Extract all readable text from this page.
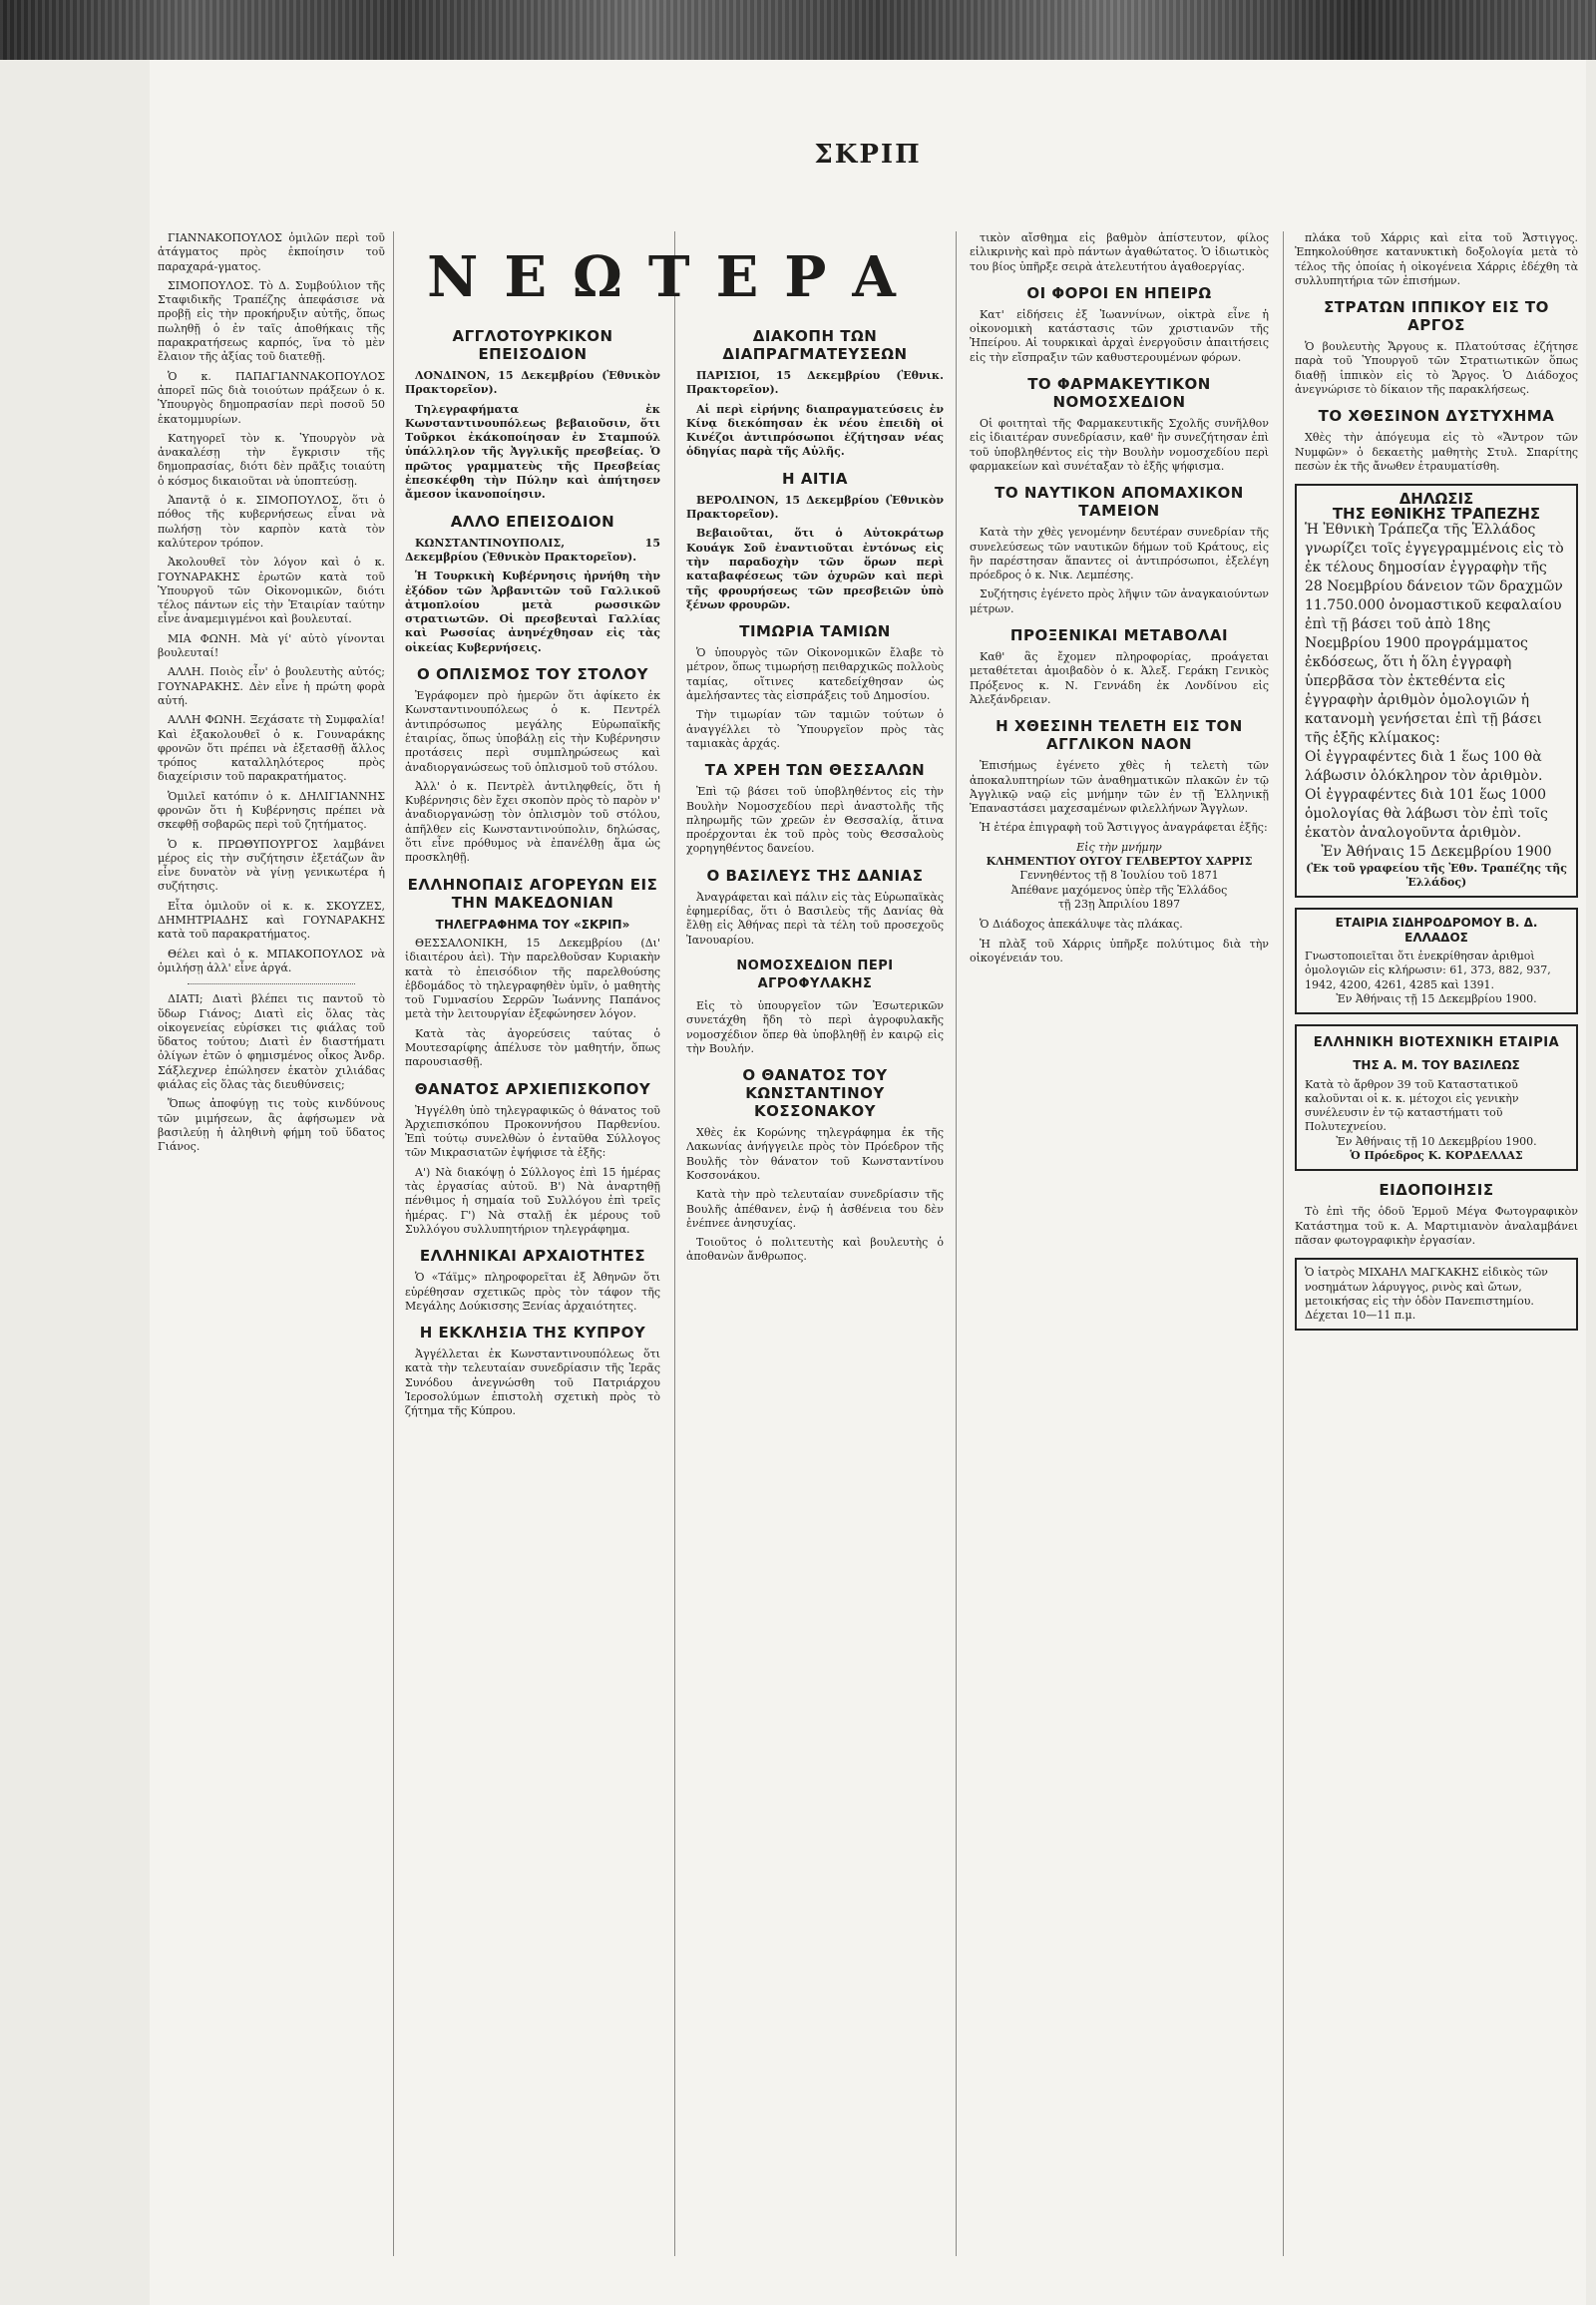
ΣΚΡΙΠ

ΓΙΑΝΝΑΚΟΠΟΥΛΟΣ ὁμιλῶν περὶ τοῦ ἀτάγματος πρὸς ἐκποίησιν τοῦ παραχαρά-γματος.

ΣΙΜΟΠΟΥΛΟΣ. Τὸ Δ. Συμβούλιον τῆς Σταφιδικῆς Τραπέζης ἀπεφάσισε νὰ προβῇ εἰς τὴν προκήρυξιν αὐτῆς, ὅπως πωληθῇ ὁ ἐν ταῖς ἀποθήκαις τῆς παρακρατήσεως καρπός, ἵνα τὸ μὲν ἔλαιον τῆς ἀξίας τοῦ διατεθῇ.

Ὁ κ. ΠΑΠΑΓΙΑΝΝΑΚΟΠΟΥΛΟΣ ἀπορεῖ πῶς διὰ τοιούτων πράξεων ὁ κ. Ὑπουργὸς δημοπρασίαν περὶ ποσοῦ 50 ἑκατομμυρίων.

Κατηγορεῖ τὸν κ. Ὑπουργὸν νὰ ἀνακαλέσῃ τὴν ἔγκρισιν τῆς δημοπρασίας, διότι δὲν πρᾶξις τοιαύτη ὁ κόσμος δικαιοῦται νὰ ὑποπτεύσῃ.

Ἀπαντᾷ ὁ κ. ΣΙΜΟΠΟΥΛΟΣ, ὅτι ὁ πόθος τῆς κυβερνήσεως εἶναι νὰ πωλήσῃ τὸν καρπὸν κατὰ τὸν καλύτερον τρόπον.

Ἀκολουθεῖ τὸν λόγον καὶ ὁ κ. ΓΟΥΝΑΡΑΚΗΣ ἐρωτῶν κατὰ τοῦ Ὑπουργοῦ τῶν Οἰκονομικῶν, διότι τέλος πάντων εἰς τὴν Ἑταιρίαν ταύτην εἶνε ἀναμεμιγμένοι καὶ βουλευταί.

ΜΙΑ ΦΩΝΗ. Μὰ γί' αὐτὸ γίνονται βουλευταί!

ΑΛΛΗ. Ποιὸς εἶν' ὁ βουλευτὴς αὐτός; ΓΟΥΝΑΡΑΚΗΣ. Δὲν εἶνε ἡ πρώτη φορὰ αὐτή.

ΑΛΛΗ ΦΩΝΗ. Ξεχάσατε τὴ Συμφαλία! Καὶ ἐξακολουθεῖ ὁ κ. Γουναράκης φρονῶν ὅτι πρέπει νὰ ἐξετασθῇ ἄλλος τρόπος καταλληλότερος πρὸς διαχείρισιν τοῦ παρακρατήματος.

Ὁμιλεῖ κατόπιν ὁ κ. ΔΗΛΙΓΙΑΝΝΗΣ φρονῶν ὅτι ἡ Κυβέρνησις πρέπει νὰ σκεφθῇ σοβαρῶς περὶ τοῦ ζητήματος.

Ὁ κ. ΠΡΩΘΥΠΟΥΡΓΟΣ λαμβάνει μέρος εἰς τὴν συζήτησιν ἐξετάζων ἂν εἶνε δυνατὸν νὰ γίνῃ γενικωτέρα ἡ συζήτησις.

Εἶτα ὁμιλοῦν οἱ κ. κ. ΣΚΟΥΖΕΣ, ΔΗΜΗΤΡΙΑΔΗΣ καὶ ΓΟΥΝΑΡΑΚΗΣ κατὰ τοῦ παρακρατήματος.

Θέλει καὶ ὁ κ. ΜΠΑΚΟΠΟΥΛΟΣ νὰ ὁμιλήσῃ ἀλλ' εἶνε ἀργά.

ΔΙΑΤΙ; Διατὶ βλέπει τις παντοῦ τὸ ὕδωρ Γιάνος; Διατὶ εἰς ὅλας τὰς οἰκογενείας εὑρίσκει τις φιάλας τοῦ ὕδατος τούτου; Διατὶ ἐν διαστήματι ὀλίγων ἐτῶν ὁ φημισμένος οἶκος Ἀνδρ. Σάξλεχνερ ἐπώλησεν ἑκατὸν χιλιάδας φιάλας εἰς ὅλας τὰς διευθύνσεις;

Ὅπως ἀποφύγῃ τις τοὺς κινδύνους τῶν μιμήσεων, ἂς ἀφήσωμεν νὰ βασιλεύῃ ἡ ἀληθινὴ φήμη τοῦ ὕδατος Γιάνος.

ΝΕΩΤΕΡΑ
ΑΓΓΛΟΤΟΥΡΚΙΚΟΝ ΕΠΕΙΣΟΔΙΟΝ

ΛΟΝΔΙΝΟΝ, 15 Δεκεμβρίου (Ἐθνικὸν Πρακτορεῖον).

Τηλεγραφήματα ἐκ Κωνσταντινουπόλεως βεβαιοῦσιν, ὅτι Τοῦρκοι ἐκάκοποίησαν ἐν Σταμπούλ ὑπάλληλον τῆς Ἀγγλικῆς πρεσβείας. Ὁ πρῶτος γραμματεὺς τῆς Πρεσβείας ἐπεσκέφθη τὴν Πύλην καὶ ἀπήτησεν ἄμεσον ἱκανοποίησιν.

ΑΛΛΟ ΕΠΕΙΣΟΔΙΟΝ

ΚΩΝΣΤΑΝΤΙΝΟΥΠΟΛΙΣ, 15 Δεκεμβρίου (Ἐθνικὸν Πρακτορεῖον).

Ἡ Τουρκικὴ Κυβέρνησις ἠρνήθη τὴν ἐξόδον τῶν Ἀρβανιτῶν τοῦ Γαλλικοῦ ἀτμοπλοίου μετὰ ρωσσικῶν στρατιωτῶν. Οἱ πρεσβευταὶ Γαλλίας καὶ Ρωσσίας ἀνηνέχθησαν εἰς τὰς οἰκείας Κυβερνήσεις.

Ο ΟΠΛΙΣΜΟΣ ΤΟΥ ΣΤΟΛΟΥ

Ἐγράφομεν πρὸ ἡμερῶν ὅτι ἀφίκετο ἐκ Κωνσταντινουπόλεως ὁ κ. Πεντρέλ ἀντιπρόσωπος μεγάλης Εὐρωπαϊκῆς ἑταιρίας, ὅπως ὑποβάλῃ εἰς τὴν Κυβέρνησιν προτάσεις περὶ συμπληρώσεως καὶ ἀναδιοργανώσεως τοῦ ὁπλισμοῦ τοῦ στόλου.

Ἀλλ' ὁ κ. Πεντρὲλ ἀντιληφθείς, ὅτι ἡ Κυβέρνησις δὲν ἔχει σκοπὸν πρὸς τὸ παρὸν ν' ἀναδιοργανώσῃ τὸν ὁπλισμὸν τοῦ στόλου, ἀπῆλθεν εἰς Κωνσταντινούπολιν, δηλώσας, ὅτι εἶνε πρόθυμος νὰ ἐπανέλθῃ ἅμα ὡς προσκληθῇ.

ΕΛΛΗΝΟΠΑΙΣ ΑΓΟΡΕΥΩΝ ΕΙΣ ΤΗΝ ΜΑΚΕΔΟΝΙΑΝ
ΤΗΛΕΓΡΑΦΗΜΑ ΤΟΥ «ΣΚΡΙΠ»

ΘΕΣΣΑΛΟΝΙΚΗ, 15 Δεκεμβρίου (Δι' ἰδιαιτέρου ἀεὶ). Τὴν παρελθοῦσαν Κυριακὴν κατὰ τὸ ἐπεισόδιον τῆς παρελθούσης ἑβδομάδος τὸ τηλεγραφηθὲν ὑμῖν, ὁ μαθητὴς τοῦ Γυμνασίου Σερρῶν Ἰωάννης Παπάνος μετὰ τὴν λειτουργίαν ἐξεφώνησεν λόγον.

Κατὰ τὰς ἀγορεύσεις ταύτας ὁ Μουτεσαρίφης ἀπέλυσε τὸν μαθητήν, ὅπως παρουσιασθῇ.

ΘΑΝΑΤΟΣ ΑΡΧΙΕΠΙΣΚΟΠΟΥ

Ἠγγέλθη ὑπὸ τηλεγραφικῶς ὁ θάνατος τοῦ Ἀρχιεπισκόπου Προκοννήσου Παρθενίου. Ἐπὶ τούτῳ συνελθὼν ὁ ἐνταῦθα Σύλλογος τῶν Μικρασιατῶν ἐψήφισε τὰ ἑξῆς:

Α') Νὰ διακόψῃ ὁ Σύλλογος ἐπὶ 15 ἡμέρας τὰς ἐργασίας αὐτοῦ. Β') Νὰ ἀναρτηθῇ πένθιμος ἡ σημαία τοῦ Συλλόγου ἐπὶ τρεῖς ἡμέρας. Γ') Νὰ σταλῇ ἐκ μέρους τοῦ Συλλόγου συλλυπητήριον τηλεγράφημα.

ΕΛΛΗΝΙΚΑΙ ΑΡΧΑΙΟΤΗΤΕΣ

Ὁ «Τάϊμς» πληροφορεῖται ἐξ Ἀθηνῶν ὅτι εὑρέθησαν σχετικῶς πρὸς τὸν τάφον τῆς Μεγάλης Δούκισσης Ξενίας ἀρχαιότητες.

Η ΕΚΚΛΗΣΙΑ ΤΗΣ ΚΥΠΡΟΥ

Ἀγγέλλεται ἐκ Κωνσταντινουπόλεως ὅτι κατὰ τὴν τελευταίαν συνεδρίασιν τῆς Ἱερᾶς Συνόδου ἀνεγνώσθη τοῦ Πατριάρχου Ἱεροσολύμων ἐπιστολὴ σχετικὴ πρὸς τὸ ζήτημα τῆς Κύπρου.

ΔΙΑΚΟΠΗ ΤΩΝ ΔΙΑΠΡΑΓΜΑΤΕΥΣΕΩΝ

ΠΑΡΙΣΙΟΙ, 15 Δεκεμβρίου (Ἐθνικ. Πρακτορεῖον).

Αἱ περὶ εἰρήνης διαπραγματεύσεις ἐν Κίνᾳ διεκόπησαν ἐκ νέου ἐπειδὴ οἱ Κινέζοι ἀντιπρόσωποι ἐζήτησαν νέας ὁδηγίας παρὰ τῆς Αὐλῆς.

Η ΑΙΤΙΑ

ΒΕΡΟΛΙΝΟΝ, 15 Δεκεμβρίου (Ἐθνικὸν Πρακτορεῖον).

Βεβαιοῦται, ὅτι ὁ Αὐτοκράτωρ Κουάγκ Σοῦ ἐναντιοῦται ἐντόνως εἰς τὴν παραδοχὴν τῶν ὅρων περὶ καταβαφέσεως τῶν ὁχυρῶν καὶ περὶ τῆς φρουρήσεως τῶν πρεσβειῶν ὑπὸ ξένων φρουρῶν.

ΤΙΜΩΡΙΑ ΤΑΜΙΩΝ

Ὁ ὑπουργὸς τῶν Οἰκονομικῶν ἔλαβε τὸ μέτρον, ὅπως τιμωρήσῃ πειθαρχικῶς πολλοὺς ταμίας, οἵτινες κατεδείχθησαν ὡς ἀμελήσαντες τὰς εἰσπράξεις τοῦ Δημοσίου.

Τὴν τιμωρίαν τῶν ταμιῶν τούτων ὁ ἀναγγέλλει τὸ Ὑπουργεῖον πρὸς τὰς ταμιακὰς ἀρχάς.

ΤΑ ΧΡΕΗ ΤΩΝ ΘΕΣΣΑΛΩΝ

Ἐπὶ τῷ βάσει τοῦ ὑποβληθέντος εἰς τὴν Βουλὴν Νομοσχεδίου περὶ ἀναστολῆς τῆς πληρωμῆς τῶν χρεῶν ἐν Θεσσαλίᾳ, ἅτινα προέρχονται ἐκ τοῦ πρὸς τοὺς Θεσσαλοὺς χορηγηθέντος δανείου.

Ο ΒΑΣΙΛΕΥΣ ΤΗΣ ΔΑΝΙΑΣ

Ἀναγράφεται καὶ πάλιν εἰς τὰς Εὐρωπαϊκὰς ἐφημερίδας, ὅτι ὁ Βασιλεὺς τῆς Δανίας θὰ ἔλθῃ εἰς Ἀθήνας περὶ τὰ τέλη τοῦ προσεχοῦς Ἰανουαρίου.

ΝΟΜΟΣΧΕΔΙΟΝ ΠΕΡΙ ΑΓΡΟΦΥΛΑΚΗΣ

Εἰς τὸ ὑπουργεῖον τῶν Ἐσωτερικῶν συνετάχθη ἤδη τὸ περὶ ἀγροφυλακῆς νομοσχέδιον ὅπερ θὰ ὑποβληθῇ ἐν καιρῷ εἰς τὴν Βουλήν.

Ο ΘΑΝΑΤΟΣ ΤΟΥ ΚΩΝΣΤΑΝΤΙΝΟΥ ΚΟΣΣΟΝΑΚΟΥ

Χθὲς ἐκ Κορώνης τηλεγράφημα ἐκ τῆς Λακωνίας ἀνήγγειλε πρὸς τὸν Πρόεδρον τῆς Βουλῆς τὸν θάνατον τοῦ Κωνσταντίνου Κοσσονάκου.

Κατὰ τὴν πρὸ τελευταίαν συνεδρίασιν τῆς Βουλῆς ἀπέθανεν, ἐνῷ ἡ ἀσθένεια του δὲν ἐνέπνεε ἀνησυχίας.

Τοιοῦτος ὁ πολιτευτὴς καὶ βουλευτὴς ὁ ἀποθανὼν ἄνθρωπος.

τικὸν αἴσθημα εἰς βαθμὸν ἀπίστευτον, φίλος εἰλικρινὴς καὶ πρὸ πάντων ἀγαθώτατος. Ὁ ἰδιωτικὸς του βίος ὑπῆρξε σειρὰ ἀτελευτήτου ἀγαθοεργίας.

ΟΙ ΦΟΡΟΙ ΕΝ ΗΠΕΙΡΩ

Κατ' εἰδήσεις ἐξ Ἰωαννίνων, οἰκτρὰ εἶνε ἡ οἰκονομικὴ κατάστασις τῶν χριστιανῶν τῆς Ἠπείρου. Αἱ τουρκικαὶ ἀρχαὶ ἐνεργοῦσιν ἀπαιτήσεις εἰς τὴν εἴσπραξιν τῶν καθυστερουμένων φόρων.

ΤΟ ΦΑΡΜΑΚΕΥΤΙΚΟΝ ΝΟΜΟΣΧΕΔΙΟΝ

Οἱ φοιτηταὶ τῆς Φαρμακευτικῆς Σχολῆς συνῆλθον εἰς ἰδιαιτέραν συνεδρίασιν, καθ' ἣν συνεζήτησαν ἐπὶ τοῦ ὑποβληθέντος εἰς τὴν Βουλὴν νομοσχεδίου περὶ φαρμακείων καὶ συνέταξαν τὸ ἑξῆς ψήφισμα.

ΤΟ ΝΑΥΤΙΚΟΝ ΑΠΟΜΑΧΙΚΟΝ ΤΑΜΕΙΟΝ

Κατὰ τὴν χθὲς γενομένην δευτέραν συνεδρίαν τῆς συνελεύσεως τῶν ναυτικῶν δήμων τοῦ Κράτους, εἰς ἣν παρέστησαν ἅπαντες οἱ ἀντιπρόσωποι, ἐξελέγη πρόεδρος ὁ κ. Νικ. Λεμπέσης.

Συζήτησις ἐγένετο πρὸς λῆψιν τῶν ἀναγκαιούντων μέτρων.

ΠΡΟΞΕΝΙΚΑΙ ΜΕΤΑΒΟΛΑΙ

Καθ' ἃς ἔχομεν πληροφορίας, προάγεται μεταθέτεται ἀμοιβαδὸν ὁ κ. Ἀλεξ. Γεράκη Γενικὸς Πρόξενος κ. Ν. Γεννάδη ἐκ Λονδίνου εἰς Ἀλεξάνδρειαν.

Η ΧΘΕΣΙΝΗ ΤΕΛΕΤΗ ΕΙΣ ΤΟΝ ΑΓΓΛΙΚΟΝ ΝΑΟΝ

Ἐπισήμως ἐγένετο χθὲς ἡ τελετὴ τῶν ἀποκαλυπτηρίων τῶν ἀναθηματικῶν πλακῶν ἐν τῷ Ἀγγλικῷ ναῷ εἰς μνήμην τῶν ἐν τῇ Ἑλληνικῇ Ἐπαναστάσει μαχεσαμένων φιλελλήνων Ἄγγλων.

Ἡ ἐτέρα ἐπιγραφὴ τοῦ Ἄστιγγος ἀναγράφεται ἑξῆς:

Εἰς τὴν μνήμην
ΚΛΗΜΕΝΤΙΟΥ ΟΥΓΟΥ ΓΕΛΒΕΡΤΟΥ ΧΑΡΡΙΣ
Γεννηθέντος τῇ 8 Ἰουλίου τοῦ 1871
Ἀπέθανε μαχόμενος ὑπὲρ τῆς Ἑλλάδος
τῇ 23ῃ Ἀπριλίου 1897

Ὁ Διάδοχος ἀπεκάλυψε τὰς πλάκας.

Ἡ πλὰξ τοῦ Χάρρις ὑπῆρξε πολύτιμος διὰ τὴν οἰκογένειάν του.

πλάκα τοῦ Χάρρις καὶ εἶτα τοῦ Ἄστιγγος. Ἐπηκολούθησε κατανυκτικὴ δοξολογία μετὰ τὸ τέλος τῆς ὁποίας ἡ οἰκογένεια Χάρρις ἐδέχθη τὰ συλλυπητήρια τῶν ἐπισήμων.

ΣΤΡΑΤΩΝ ΙΠΠΙΚΟΥ ΕΙΣ ΤΟ ΑΡΓΟΣ

Ὁ βουλευτὴς Ἄργους κ. Πλατούτσας ἐζήτησε παρὰ τοῦ Ὑπουργοῦ τῶν Στρατιωτικῶν ὅπως διαθῇ ἰππικὸν εἰς τὸ Ἄργος. Ὁ Διάδοχος ἀνεγνώρισε τὸ δίκαιον τῆς παρακλήσεως.

ΤΟ ΧΘΕΣΙΝΟΝ ΔΥΣΤΥΧΗΜΑ

Χθὲς τὴν ἀπόγευμα εἰς τὸ «Ἄντρον τῶν Νυμφῶν» ὁ δεκαετὴς μαθητὴς Στυλ. Σπαρίτης πεσὼν ἐκ τῆς ἄνωθεν ἐτραυματίσθη.

ΔΗΛΩΣΙΣ
ΤΗΣ ΕΘΝΙΚΗΣ ΤΡΑΠΕΖΗΣ
Ἡ Ἐθνικὴ Τράπεζα τῆς Ἑλλάδος γνωρίζει τοῖς ἐγγεγραμμένοις εἰς τὸ ἐκ τέλους δημοσίαν ἐγγραφὴν τῆς 28 Νοεμβρίου δάνειον τῶν δραχμῶν 11.750.000 ὀνομαστικοῦ κεφαλαίου ἐπὶ τῇ βάσει τοῦ ἀπὸ 18ης Νοεμβρίου 1900 προγράμματος ἐκδόσεως, ὅτι ἡ ὅλη ἐγγραφὴ ὑπερβᾶσα τὸν ἐκτεθέντα εἰς ἐγγραφὴν ἀριθμὸν ὁμολογιῶν ἡ κατανομὴ γενήσεται ἐπὶ τῇ βάσει τῆς ἑξῆς κλίμακος:
Οἱ ἐγγραφέντες διὰ 1 ἕως 100 θὰ λάβωσιν ὁλόκληρον τὸν ἀριθμὸν.
Οἱ ἐγγραφέντες διὰ 101 ἕως 1000 ὁμολογίας θὰ λάβωσι τὸν ἐπὶ τοῖς ἑκατὸν ἀναλογοῦντα ἀριθμὸν.
Ἐν Ἀθήναις 15 Δεκεμβρίου 1900
(Ἐκ τοῦ γραφείου τῆς Ἐθν. Τραπέζης τῆς Ἑλλάδος)
ΕΤΑΙΡΙΑ ΣΙΔΗΡΟΔΡΟΜΟΥ Β. Δ. ΕΛΛΑΔΟΣ
Γνωστοποιεῖται ὅτι ἐνεκρίθησαν ἀριθμοὶ ὁμολογιῶν εἰς κλήρωσιν: 61, 373, 882, 937, 1942, 4200, 4261, 4285 καὶ 1391.
Ἐν Ἀθήναις τῇ 15 Δεκεμβρίου 1900.
ΕΛΛΗΝΙΚΗ ΒΙΟΤΕΧΝΙΚΗ ΕΤΑΙΡΙΑ
ΤΗΣ Α. Μ. ΤΟΥ ΒΑΣΙΛΕΩΣ
Κατὰ τὸ ἄρθρον 39 τοῦ Καταστατικοῦ καλοῦνται οἱ κ. κ. μέτοχοι εἰς γενικὴν συνέλευσιν ἐν τῷ καταστήματι τοῦ Πολυτεχνείου.
Ἐν Ἀθήναις τῇ 10 Δεκεμβρίου 1900.
Ὁ Πρόεδρος Κ. ΚΟΡΔΕΛΛΑΣ
ΕΙΔΟΠΟΙΗΣΙΣ

Τὸ ἐπὶ τῆς ὁδοῦ Ἑρμοῦ Μέγα Φωτογραφικὸν Κατάστημα τοῦ κ. Α. Μαρτιμιανὸν ἀναλαμβάνει πᾶσαν φωτογραφικὴν ἐργασίαν.

Ὁ ἰατρὸς ΜΙΧΑΗΛ ΜΑΓΚΑΚΗΣ εἰδικὸς τῶν νοσημάτων λάρυγγος, ρινὸς καὶ ὤτων, μετοικήσας εἰς τὴν ὁδὸν Πανεπιστημίου. Δέχεται 10—11 π.μ.
